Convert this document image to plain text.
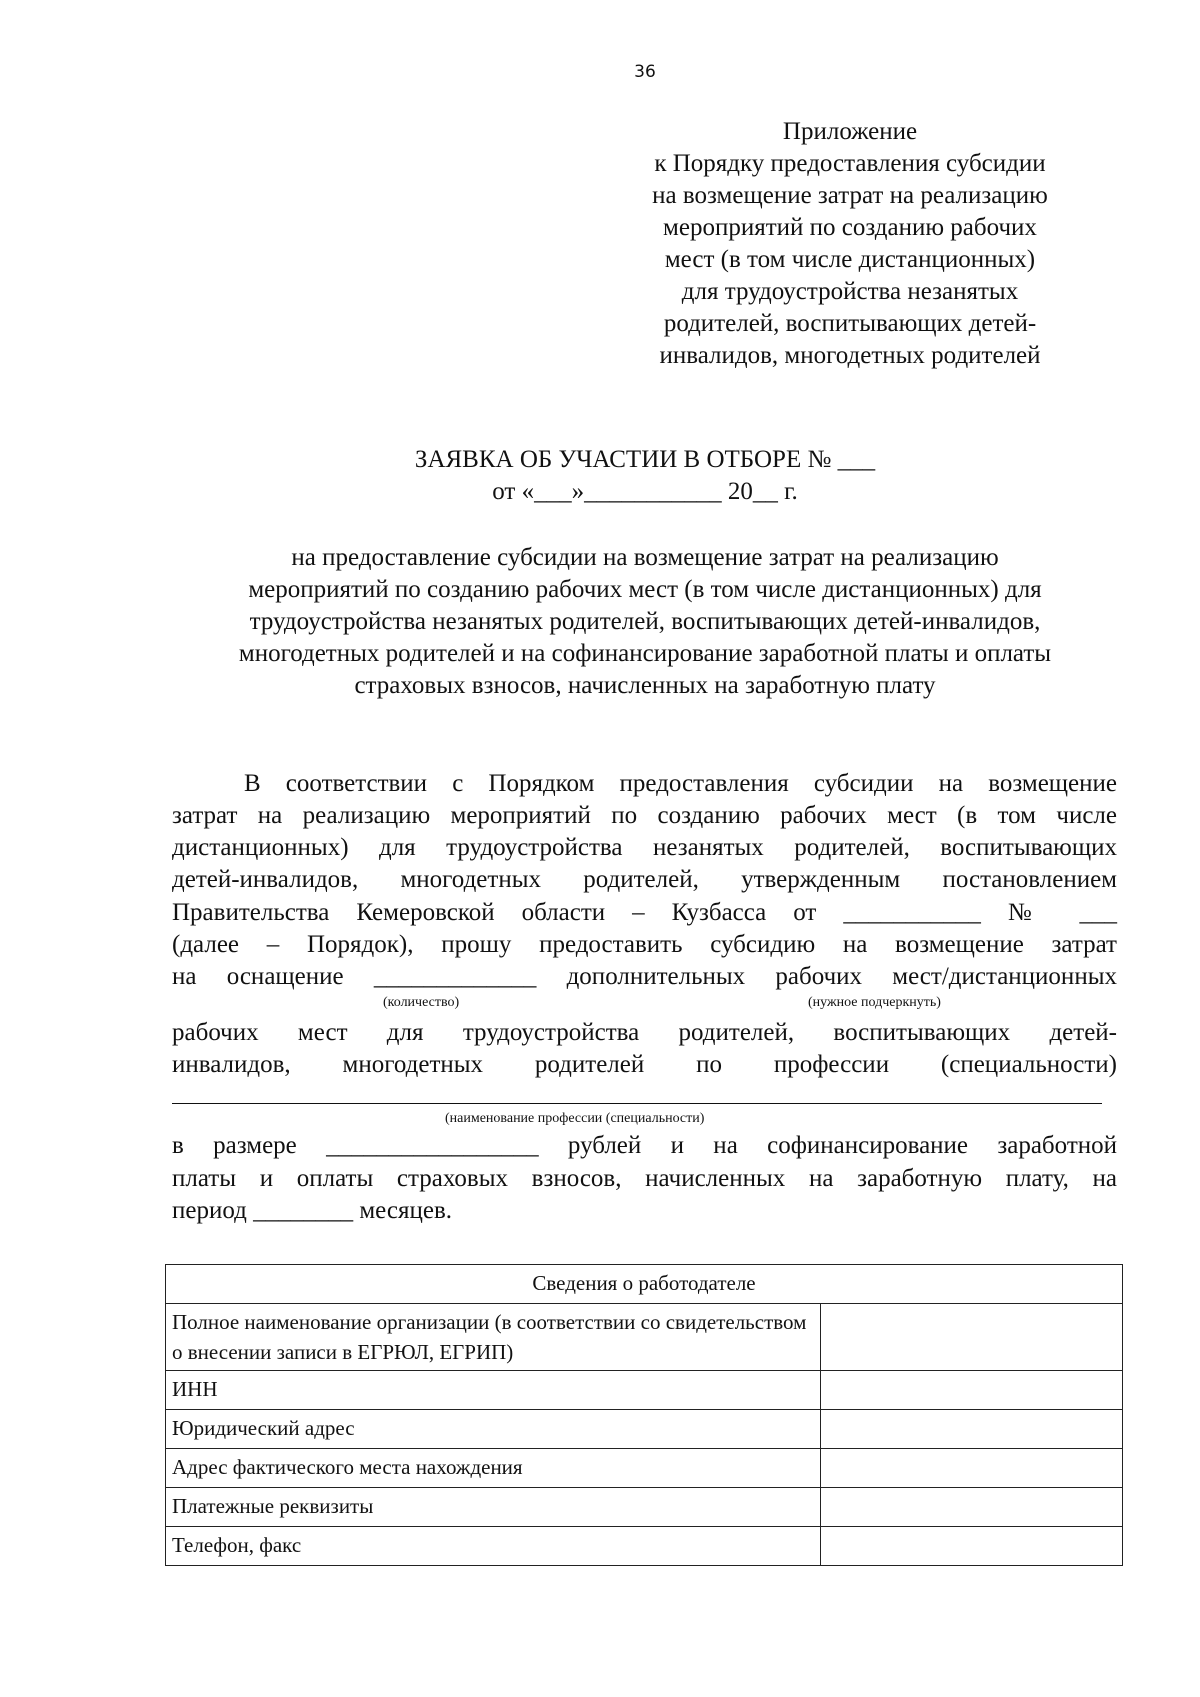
36
Приложение
к Порядку предоставления субсидии
на возмещение затрат на реализацию
мероприятий по созданию рабочих
мест (в том числе дистанционных)
для трудоустройства незанятых
родителей, воспитывающих детей-
инвалидов, многодетных родителей
ЗАЯВКА ОБ УЧАСТИИ В ОТБОРЕ № ___
от «___»___________ 20__ г.
на предоставление субсидии на возмещение затрат на реализацию
мероприятий по созданию рабочих мест (в том числе дистанционных) для
трудоустройства незанятых родителей, воспитывающих детей-инвалидов,
многодетных родителей и на софинансирование заработной платы и оплаты
страховых взносов, начисленных на заработную плату
В соответствии с Порядком предоставления субсидии на возмещение
затрат на реализацию мероприятий по созданию рабочих мест (в том числе
дистанционных) для трудоустройства незанятых родителей, воспитывающих
детей-инвалидов, многодетных родителей, утвержденным постановлением
Правительства Кемеровской области – Кузбасса от ___________ № ___
(далее – Порядок), прошу предоставить субсидию на возмещение затрат
на оснащение _____________ дополнительных рабочих мест/дистанционных
(количество)	(нужное подчеркнуть)
рабочих мест для трудоустройства родителей, воспитывающих детей-
инвалидов, многодетных родителей по профессии (специальности)
(наименование профессии (специальности)
в размере _________________ рублей и на софинансирование заработной
платы и оплаты страховых взносов, начисленных на заработную плату, на
период ________ месяцев.
Сведения о работодателе	
Полное наименование организации (в соответствии со свидетельством о внесении записи в ЕГРЮЛ, ЕГРИП)	
ИНН	
Юридический адрес	
Адрес фактического места нахождения	
Платежные реквизиты	
Телефон, факс	
